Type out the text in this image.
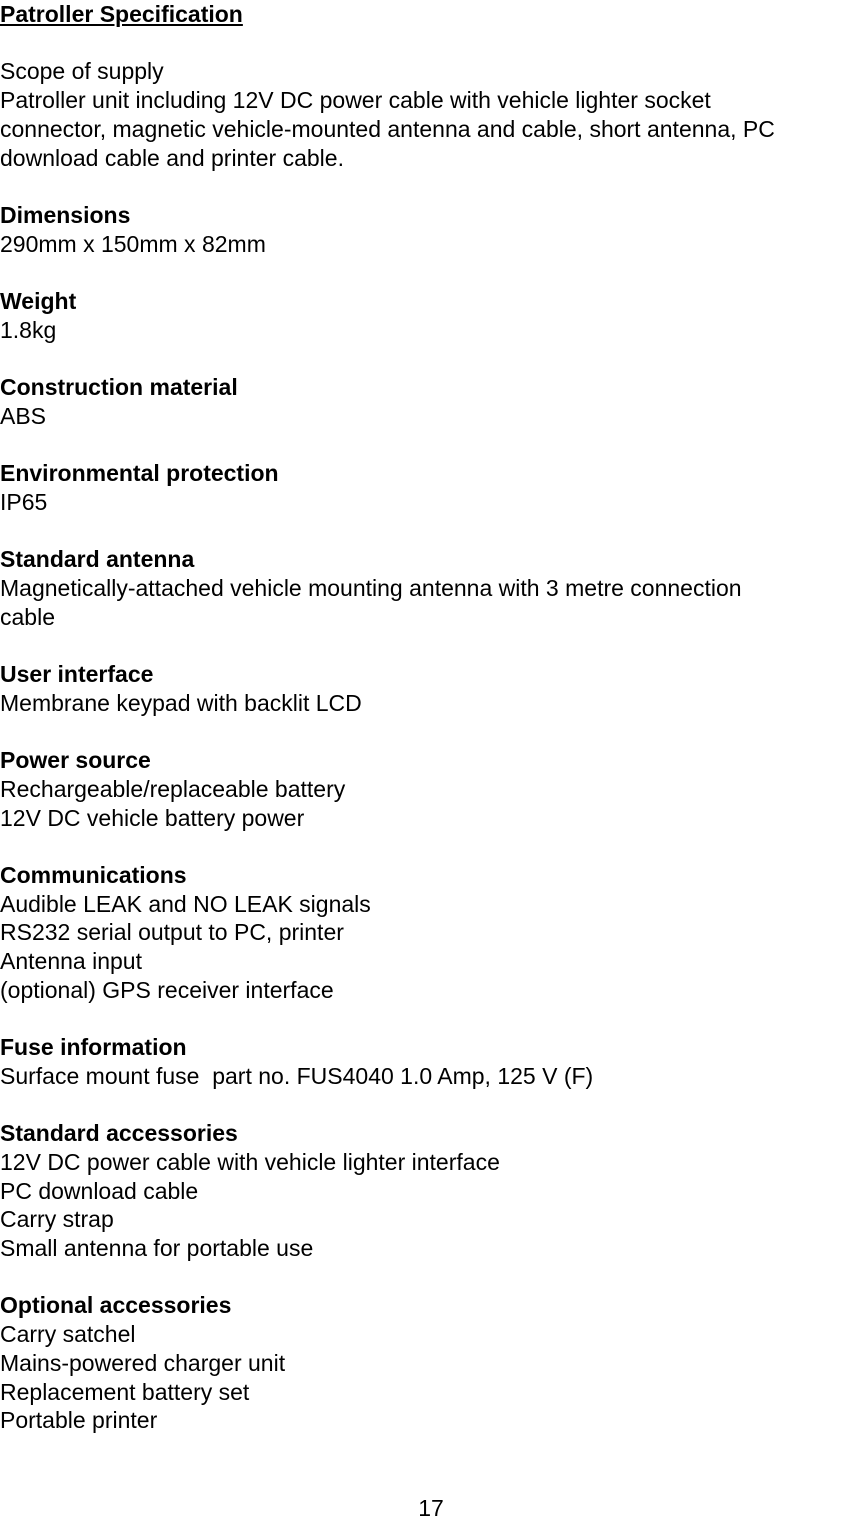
Patroller Specification

Scope of supply

Patroller unit including 12V DC power cable with vehicle lighter socket

connector, magnetic vehicle-mounted antenna and cable, short antenna, PC

download cable and printer cable.

Dimensions

290mm x 150mm x 82mm

Weight

1.8kg

Construction material

ABS

Environmental protection

IP65

Standard antenna

Magnetically-attached vehicle mounting antenna with 3 metre connection

cable

User interface

Membrane keypad with backlit LCD

Power source

Rechargeable/replaceable battery

12V DC vehicle battery power

Communications

Audible LEAK and NO LEAK signals

RS232 serial output to PC, printer

Antenna input

(optional) GPS receiver interface

Fuse information

Surface mount fuse  part no. FUS4040 1.0 Amp, 125 V (F)

Standard accessories

12V DC power cable with vehicle lighter interface

PC download cable

Carry strap

Small antenna for portable use

Optional accessories

Carry satchel

Mains-powered charger unit

Replacement battery set

Portable printer

17
